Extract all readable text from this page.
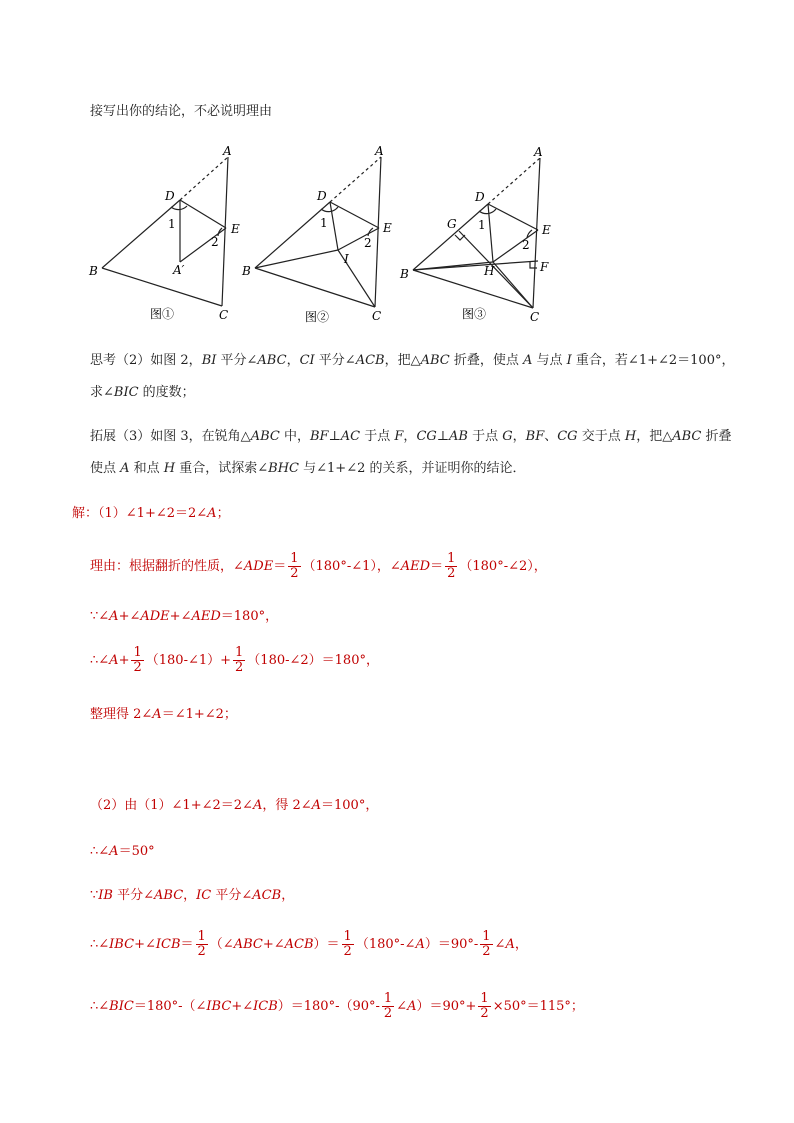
接写出你的结论，不必说明理由
A
D
E
B
C
A′
1
2
图①
A
D
E
B
C
I
1
2
图②
A
D
E
B
C
H
G
F
1
2
图③
思考（2）如图 2，BI 平分∠ABC，CI 平分∠ACB，把△ABC 折叠，使点 A 与点 I 重合，若∠1+∠2＝100°，
求∠BIC 的度数；
拓展（3）如图 3，在锐角△ABC 中，BF⊥AC 于点 F，CG⊥AB 于点 G，BF、CG 交于点 H，把△ABC 折叠
使点 A 和点 H 重合，试探索∠BHC 与∠1+∠2 的关系，并证明你的结论．
解：（1）∠1+∠2＝2∠A；
理由：根据翻折的性质，∠ADE＝ $\frac{1}{2}$ （180°-∠1），∠AED＝ $\frac{1}{2}$ （180°-∠2），
∵∠A+∠ADE+∠AED＝180°，
∴∠A+ $\frac{1}{2}$ （180-∠1）+ $\frac{1}{2}$ （180-∠2）＝180°，
整理得 2∠A＝∠1+∠2；
（2）由（1）∠1+∠2＝2∠A，得 2∠A＝100°，
∴∠A＝50°
∵IB 平分∠ABC，IC 平分∠ACB，
∴∠IBC+∠ICB＝ $\frac{1}{2}$ （∠ABC+∠ACB）＝ $\frac{1}{2}$ （180°-∠A）＝90°- $\frac{1}{2}$ ∠A，
∴∠BIC＝180°-（∠IBC+∠ICB）＝180°-（90°- $\frac{1}{2}$ ∠A）＝90°+ $\frac{1}{2} \times 50^\circ=115^\circ$；
